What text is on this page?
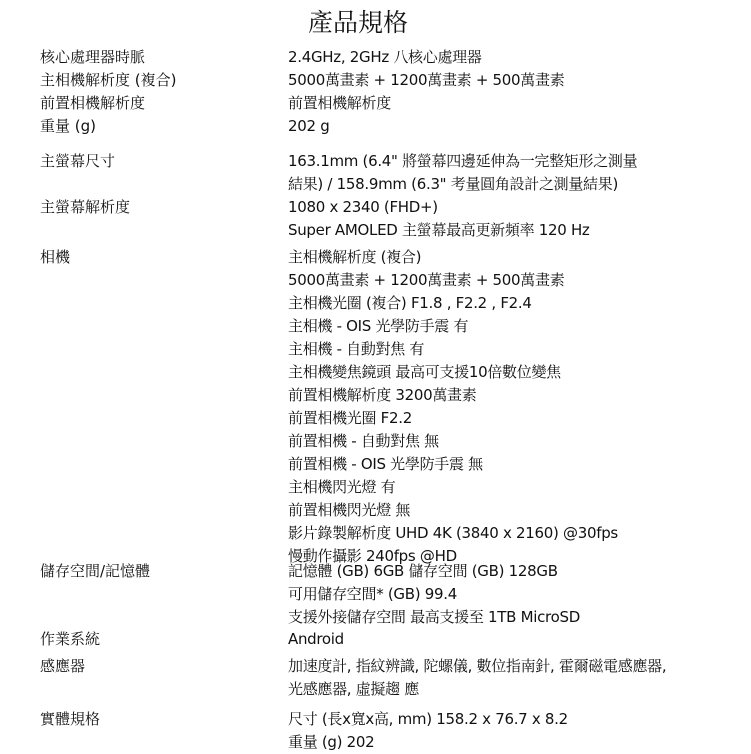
產品規格
核心處理器時脈	2.4GHz, 2GHz 八核心處理器
主相機解析度 (複合)	5000萬畫素 + 1200萬畫素 + 500萬畫素
前置相機解析度	前置相機解析度
重量 (g)	202 g
主螢幕尺寸	163.1mm (6.4" 將螢幕四邊延伸為一完整矩形之測量
結果) / 158.9mm (6.3" 考量圓角設計之測量結果)
主螢幕解析度	1080 x 2340 (FHD+)
Super AMOLED 主螢幕最高更新頻率 120 Hz
相機	主相機解析度 (複合)
5000萬畫素 + 1200萬畫素 + 500萬畫素
主相機光圈 (複合) F1.8 , F2.2 , F2.4
主相機 - OIS 光學防手震 有
主相機 - 自動對焦 有
主相機變焦鏡頭 最高可支援10倍數位變焦
前置相機解析度 3200萬畫素
前置相機光圈 F2.2
前置相機 - 自動對焦 無
前置相機 - OIS 光學防手震 無
主相機閃光燈 有
前置相機閃光燈 無
影片錄製解析度 UHD 4K (3840 x 2160) @30fps
慢動作攝影 240fps @HD
儲存空間/記憶體	記憶體 (GB) 6GB 儲存空間 (GB) 128GB
可用儲存空間* (GB) 99.4
支援外接儲存空間 最高支援至 1TB MicroSD
作業系統	Android
感應器	加速度計, 指紋辨識, 陀螺儀, 數位指南針, 霍爾磁電感應器,
光感應器, 虛擬趨 應
實體規格	尺寸 (長x寬x高, mm) 158.2 x 76.7 x 8.2
重量 (g) 202
